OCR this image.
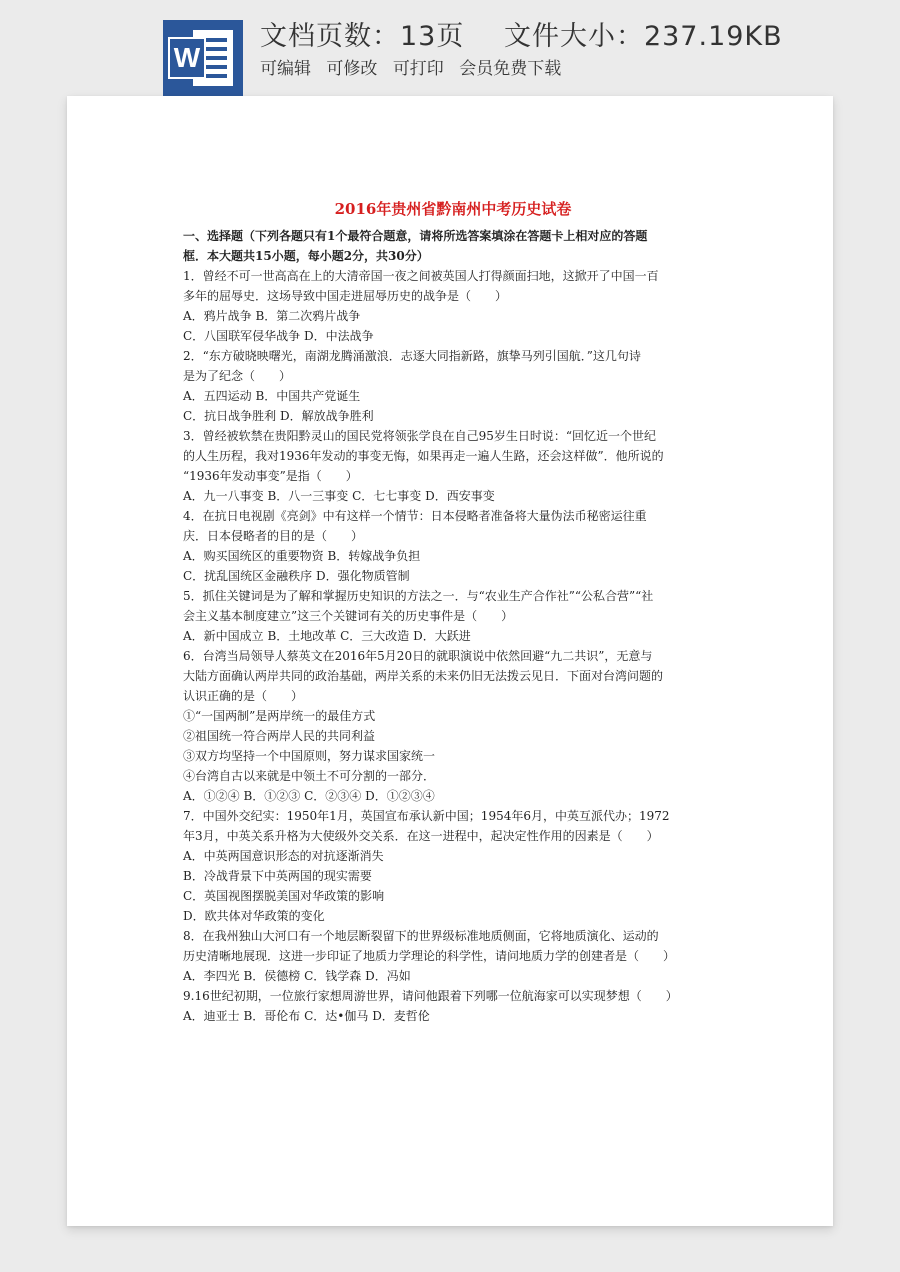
W
文档页数：13页 文件大小：237.19KB
可编辑 可修改 可打印 会员免费下载

2016年贵州省黔南州中考历史试卷

一、选择题（下列各题只有1个最符合题意，请将所选答案填涂在答题卡上相对应的答题

框．本大题共15小题，每小题2分，共30分）

1．曾经不可一世高高在上的大清帝国一夜之间被英国人打得颜面扫地，这掀开了中国一百

多年的屈辱史．这场导致中国走进屈辱历史的战争是（　　）

A．鸦片战争 B．第二次鸦片战争

C．八国联军侵华战争 D．中法战争

2．“东方破晓映曙光，南湖龙腾涌激浪．志逐大同指新路，旗挚马列引国航．”这几句诗

是为了纪念（　　）

A．五四运动 B．中国共产党诞生

C．抗日战争胜利 D．解放战争胜利

3．曾经被软禁在贵阳黔灵山的国民党将领张学良在自己95岁生日时说：“回忆近一个世纪

的人生历程，我对1936年发动的事变无悔，如果再走一遍人生路，还会这样做”．他所说的

“1936年发动事变”是指（　　）

A．九一八事变 B．八一三事变 C．七七事变 D．西安事变

4．在抗日电视剧《亮剑》中有这样一个情节：日本侵略者准备将大量伪法币秘密运往重

庆．日本侵略者的目的是（　　）

A．购买国统区的重要物资 B．转嫁战争负担

C．扰乱国统区金融秩序 D．强化物质管制

5．抓住关键词是为了解和掌握历史知识的方法之一．与“农业生产合作社”“公私合营”“社

会主义基本制度建立”这三个关键词有关的历史事件是（　　）

A．新中国成立 B．土地改革 C．三大改造 D．大跃进

6．台湾当局领导人蔡英文在2016年5月20日的就职演说中依然回避“九二共识”，无意与

大陆方面确认两岸共同的政治基础，两岸关系的未来仍旧无法拨云见日．下面对台湾问题的

认识正确的是（　　）

①“一国两制”是两岸统一的最佳方式

②祖国统一符合两岸人民的共同利益

③双方均坚持一个中国原则，努力谋求国家统一

④台湾自古以来就是中领土不可分割的一部分．

A．①②④ B．①②③ C．②③④ D．①②③④

7．中国外交纪实：1950年1月，英国宣布承认新中国；1954年6月，中英互派代办；1972

年3月，中英关系升格为大使级外交关系．在这一进程中，起决定性作用的因素是（　　）

A．中英两国意识形态的对抗逐渐消失

B．冷战背景下中英两国的现实需要

C．英国视图摆脱美国对华政策的影响

D．欧共体对华政策的变化

8．在我州独山大河口有一个地层断裂留下的世界级标准地质侧面，它将地质演化、运动的

历史清晰地展现．这进一步印证了地质力学理论的科学性，请问地质力学的创建者是（　　）

A．李四光 B．侯德榜 C．钱学森 D．冯如

9.16世纪初期，一位旅行家想周游世界，请问他跟着下列哪一位航海家可以实现梦想（　　）

A．迪亚士 B．哥伦布 C．达•伽马 D．麦哲伦
